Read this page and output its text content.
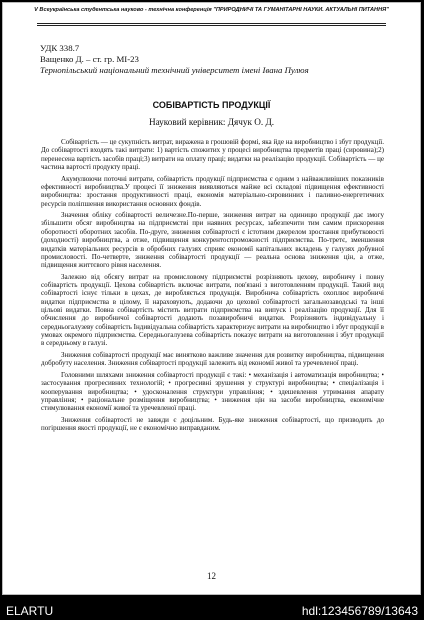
V Всеукраїнська студентська науково - технічна конференція "ПРИРОДНИЧІ ТА ГУМАНІТАРНІ НАУКИ. АКТУАЛЬНІ ПИТАННЯ"
УДК 338.7
Ващенко Д. – ст. гр. МІ-23
Тернопільський національний технічний університет імені Івана Пулюя
СОБІВАРТІСТЬ ПРОДУКЦІЇ
Науковий керівник: Дячук О. Д.

Собівартість — це сукупність витрат, виражена в грошовій формі, яка йде на виробництво і збут продукції. До собівартості входять такі витрати: 1) вартість спожитих у процесі виробництва предметів праці (сировина);2) перенесена вартість засобів праці;3) витрати на оплату праці; видатки на реалізацію продукції. Собівартість — це частина вартості продукту праці.

Акумулюючи поточні витрати, собівартість продукції підприємства є одним з найважливіших показників ефективності виробництва.У процесі її зниження виявляються майже всі складові підвищення ефективності виробництва: зростання продуктивності праці, економія матеріально-сировинних і паливно-енергетичних ресурсів поліпшення використання основних фондів.

Значення обліку собівартості величезне.По-перше, зниження витрат на одиницю продукції дає змогу збільшити обсяг виробництва на підприємстві при наявних ресурсах, забезпечити тим самим прискорення оборотності оборотних засобів. По-друге, зниження собівартості є істотним джерелом зростання прибутковості (доходності) виробництва, а отже, підвищення конкурентоспроможності підприємства. По-третє, зменшення видатків матеріальних ресурсів в обробних галузях сприяє економії капітальних вкладень у галузях добувної промисловості. По-четверте, зниження собівартості продукції — реальна основа зниження цін, а отже, підвищення життєвого рівня населення.

Залежно від обсягу витрат на промисловому підприємстві розрізняють цехову, виробничу і повну собівартість продукції. Цехова собівартість включає витрати, пов'язані з виготовленням продукції. Такий вид собівартості існує тільки в цехах, де виробляється продукція. Виробнича собівартість охоплює виробничі видатки підприємства в цілому, її нараховують, додаючи до цехової собівартості загальнозаводські та інші цільові видатки. Повна собівартість містить витрати підприємства на випуск і реалізацію продукції. Для її обчислення до виробничої собівартості додають позавиробничі видатки. Розрізняють індивідуальну і середньогалузеву собівартість Індивідуальна собівартість характеризує витрати на виробництво і збут продукції в умовах окремого підприємства. Середньогалузева собівартість показує витрати на виготовлення і збут продукції в середньому в галузі.

Зниження собівартості продукції має винятково важливе значення для розвитку виробництва, підвищення добробуту населення. Зниження собівартості продукції залежить від економії живої та уречевленої праці.

Головними шляхами зниження собівартості продукції є такі: • механізація і автоматизація виробництва; • застосування прогресивних технологій; • прогресивні зрушення у структурі виробництва; • спеціалізація і кооперування виробництва; • удосконалення структури управління; • здешевлення утримання апарату управління; • раціональне розміщення виробництва; • зниження цін на засоби виробництва, економічне стимулювання економії живої та уречевленої праці.

Зниження собівартості не завжди є доцільним. Будь-яке зниження собівартості, що призводить до погіршення якості продукції, не є економічно виправданим.

12
ELARTU	hdl:123456789/13643
